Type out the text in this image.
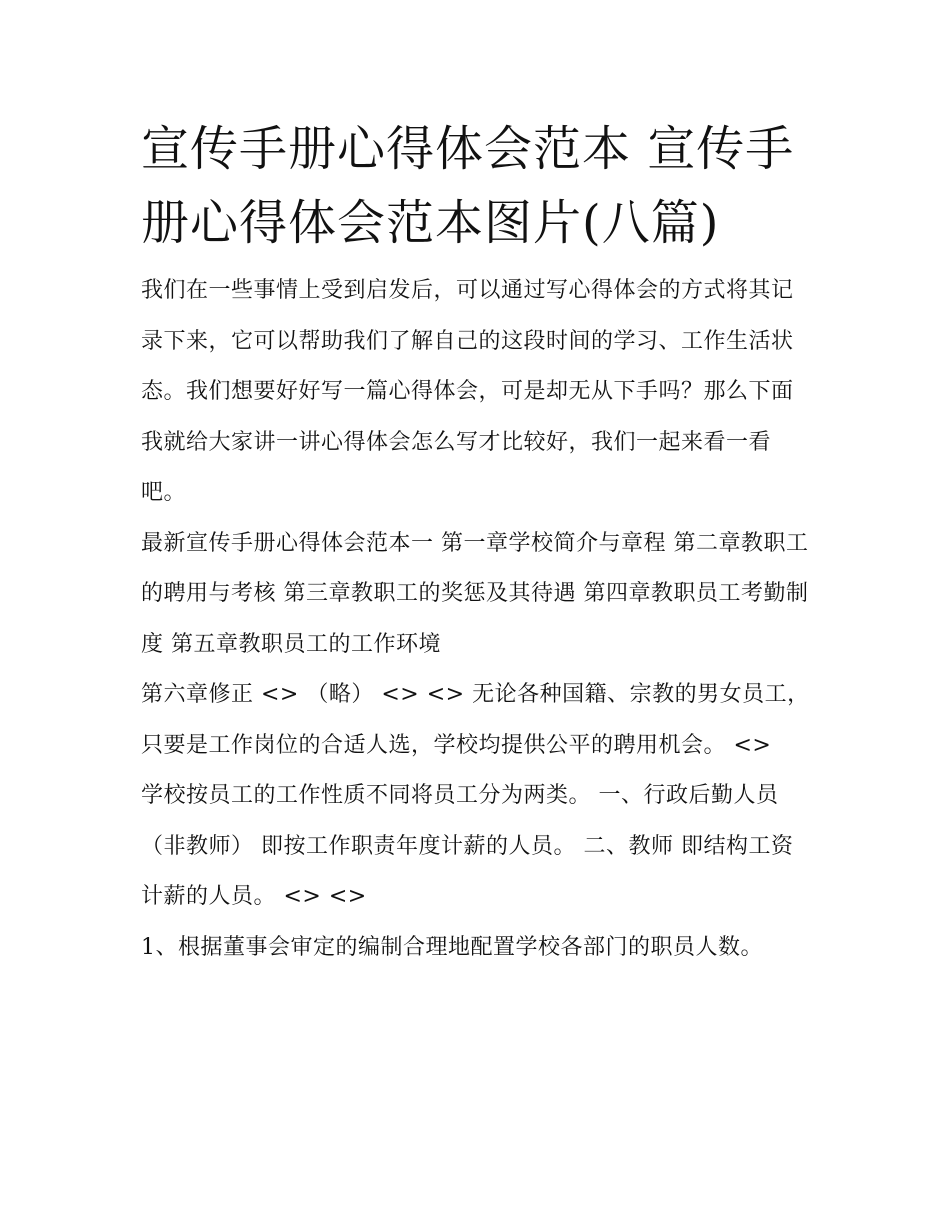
宣传手册心得体会范本 宣传手册心得体会范本图片(八篇)

我们在一些事情上受到启发后，可以通过写心得体会的方式将其记录下来，它可以帮助我们了解自己的这段时间的学习、工作生活状态。我们想要好好写一篇心得体会，可是却无从下手吗？那么下面我就给大家讲一讲心得体会怎么写才比较好，我们一起来看一看吧。

最新宣传手册心得体会范本一 第一章学校简介与章程 第二章教职工的聘用与考核 第三章教职工的奖惩及其待遇 第四章教职员工考勤制度 第五章教职员工的工作环境

第六章修正 <> （略） <> <> 无论各种国籍、宗教的男女员工，只要是工作岗位的合适人选，学校均提供公平的聘用机会。 <>

学校按员工的工作性质不同将员工分为两类。 一、行政后勤人员（非教师） 即按工作职责年度计薪的人员。 二、教师 即结构工资计薪的人员。 <> <>

1、根据董事会审定的编制合理地配置学校各部门的职员人数。
